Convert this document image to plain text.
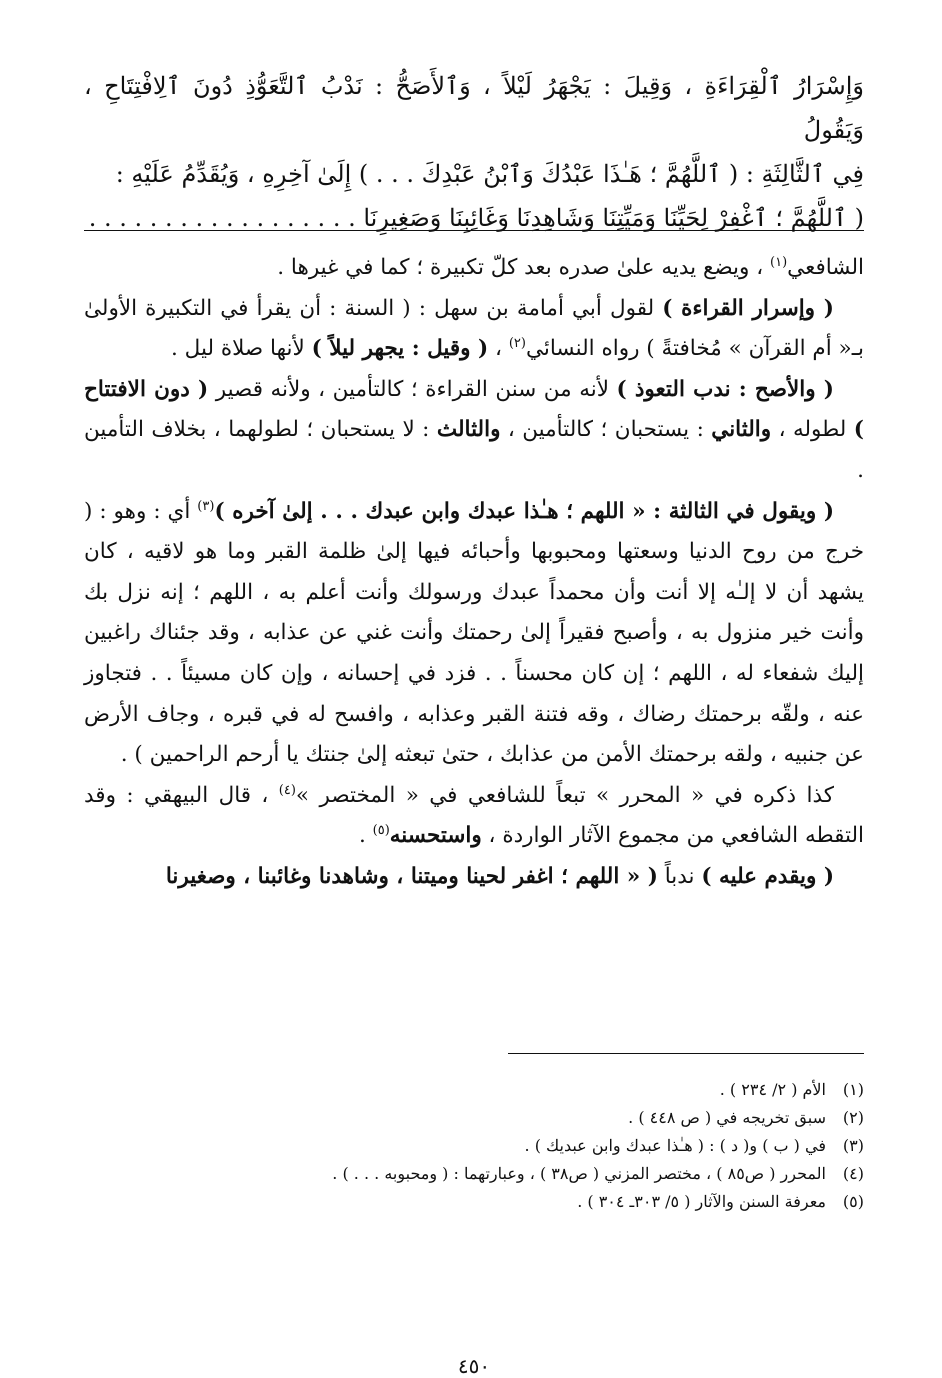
وَإِسْرَارُ ٱلْقِرَاءَةِ ، وَقِيلَ : يَجْهَرُ لَيْلاً ، وَٱلأَصَحُّ : نَدْبُ ٱلتَّعَوُّذِ دُونَ ٱلِافْتِتَاحِ ، وَيَقُولُ

فِي ٱلثَّالِثَةِ : ( ٱللَّهُمَّ ؛ هَـٰذَا عَبْدُكَ وَٱبْنُ عَبْدِكَ . . . ) إِلَىٰ آخِرِهِ ، وَيُقَدِّمُ عَلَيْهِ :

( ٱللَّهُمَّ ؛ ٱغْفِرْ لِحَيِّنَا وَمَيِّتِنَا وَشَاهِدِنَا وَغَائِبِنَا وَصَغِيرِنَا . . . . . . . . . . . . . . . . . .

الشافعي$^{(١)}$ ، ويضع يديه علىٰ صدره بعد كلّ تكبيرة ؛ كما في غيرها .

( وإسرار القراءة ) لقول أبي أمامة بن سهل : ( السنة : أن يقرأ في التكبيرة الأولىٰ بـ« أم القرآن » مُخافتةً ) رواه النسائي$^{(٢)}$ ، ( وقيل : يجهر ليلاً ) لأنها صلاة ليل .

( والأصح : ندب التعوذ ) لأنه من سنن القراءة ؛ كالتأمين ، ولأنه قصير ( دون الافتتاح ) لطوله ، والثاني : يستحبان ؛ كالتأمين ، والثالث : لا يستحبان ؛ لطولهما ، بخلاف التأمين .

( ويقول في الثالثة : « اللهم ؛ هـٰذا عبدك وابن عبدك . . . إلىٰ آخره )$^{(٣)}$ أي : وهو : ( خرج من روح الدنيا وسعتها ومحبوبها وأحبائه فيها إلىٰ ظلمة القبر وما هو لاقيه ، كان يشهد أن لا إلـٰه إلا أنت وأن محمداً عبدك ورسولك وأنت أعلم به ، اللهم ؛ إنه نزل بك وأنت خير منزول به ، وأصبح فقيراً إلىٰ رحمتك وأنت غني عن عذابه ، وقد جئناك راغبين إليك شفعاء له ، اللهم ؛ إن كان محسناً . . فزد في إحسانه ، وإن كان مسيئاً . . فتجاوز عنه ، ولقّه برحمتك رضاك ، وقه فتنة القبر وعذابه ، وافسح له في قبره ، وجاف الأرض عن جنبيه ، ولقه برحمتك الأمن من عذابك ، حتىٰ تبعثه إلىٰ جنتك يا أرحم الراحمين ) .

كذا ذكره في « المحرر » تبعاً للشافعي في « المختصر »$^{(٤)}$ ، قال البيهقي : وقد التقطه الشافعي من مجموع الآثار الواردة ، واستحسنه$^{(٥)}$ .

( ويقدم عليه ) ندباً ( « اللهم ؛ اغفر لحينا وميتنا ، وشاهدنا وغائبنا ، وصغيرنا

(١)
الأم ( ٢/ ٢٣٤ ) .
(٢)
سبق تخريجه في ( ص ٤٤٨ ) .
(٣)
في ( ب ) و( د ) : ( هـٰذا عبدك وابن عبديك ) .
(٤)
المحرر ( ص٨٥ ) ، مختصر المزني ( ص٣٨ ) ، وعبارتهما : ( ومحبوبه . . . ) .
(٥)
معرفة السنن والآثار ( ٥/ ٣٠٣ـ ٣٠٤ ) .
٤٥٠
